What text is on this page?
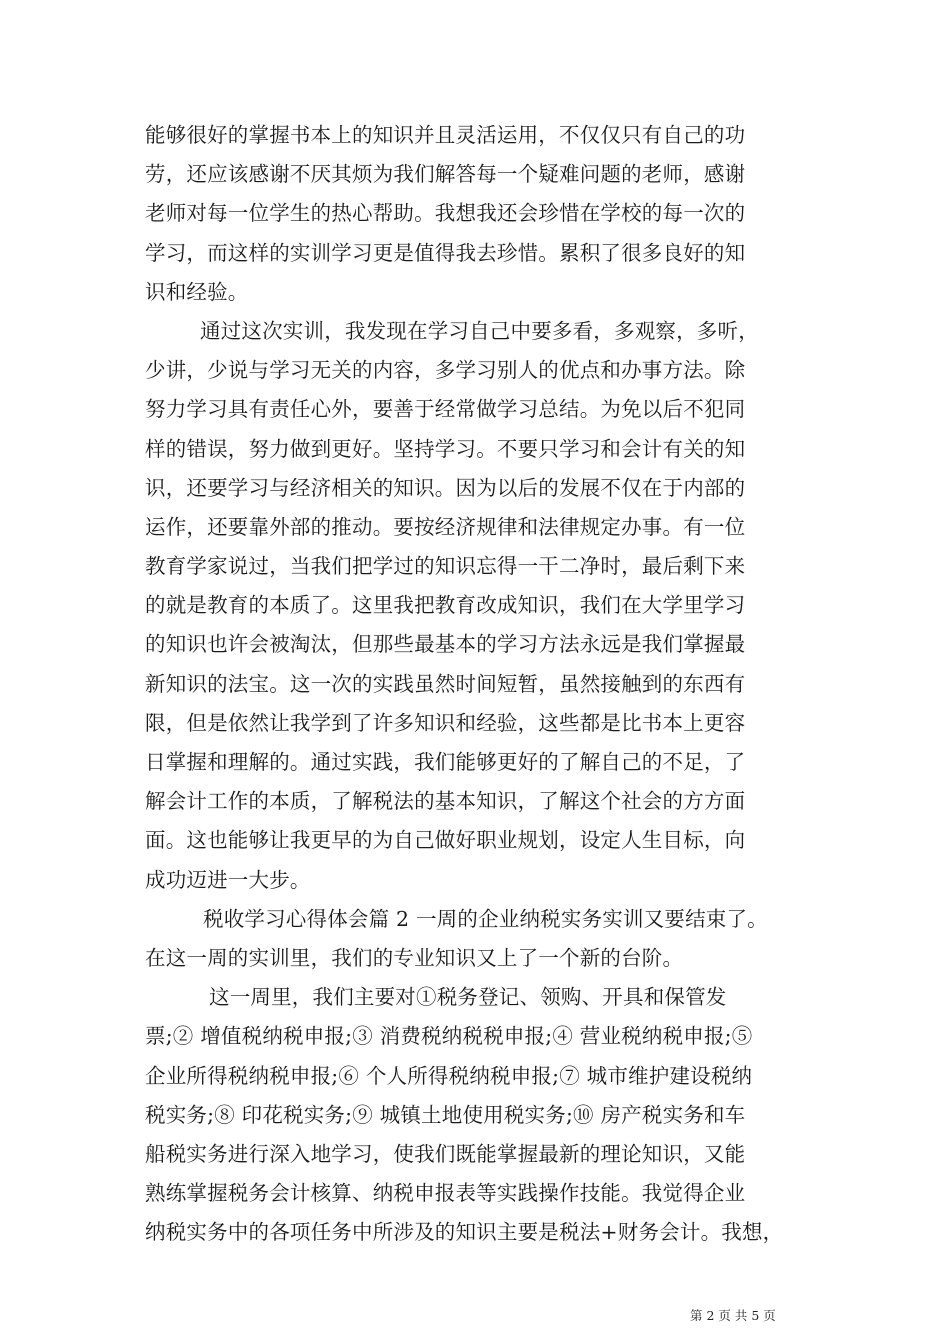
能够很好的掌握书本上的知识并且灵活运用，不仅仅只有自己的功
劳，还应该感谢不厌其烦为我们解答每一个疑难问题的老师，感谢
老师对每一位学生的热心帮助。我想我还会珍惜在学校的每一次的
学习，而这样的实训学习更是值得我去珍惜。累积了很多良好的知
识和经验。
通过这次实训，我发现在学习自己中要多看，多观察，多听，
少讲，少说与学习无关的内容，多学习别人的优点和办事方法。除
努力学习具有责任心外，要善于经常做学习总结。为免以后不犯同
样的错误，努力做到更好。坚持学习。不要只学习和会计有关的知
识，还要学习与经济相关的知识。因为以后的发展不仅在于内部的
运作，还要靠外部的推动。要按经济规律和法律规定办事。有一位
教育学家说过，当我们把学过的知识忘得一干二净时，最后剩下来
的就是教育的本质了。这里我把教育改成知识，我们在大学里学习
的知识也许会被淘汰，但那些最基本的学习方法永远是我们掌握最
新知识的法宝。这一次的实践虽然时间短暂，虽然接触到的东西有
限，但是依然让我学到了许多知识和经验，这些都是比书本上更容
日掌握和理解的。通过实践，我们能够更好的了解自己的不足，了
解会计工作的本质，了解税法的基本知识，了解这个社会的方方面
面。这也能够让我更早的为自己做好职业规划，设定人生目标，向
成功迈进一大步。
税收学习心得体会篇 2 一周的企业纳税实务实训又要结束了。
在这一周的实训里，我们的专业知识又上了一个新的台阶。
这一周里，我们主要对①税务登记、领购、开具和保管发
票;② 增值税纳税申报;③ 消费税纳税税申报;④ 营业税纳税申报;⑤
企业所得税纳税申报;⑥ 个人所得税纳税申报;⑦ 城市维护建设税纳
税实务;⑧ 印花税实务;⑨ 城镇土地使用税实务;⑩ 房产税实务和车
船税实务进行深入地学习，使我们既能掌握最新的理论知识，又能
熟练掌握税务会计核算、纳税申报表等实践操作技能。我觉得企业
纳税实务中的各项任务中所涉及的知识主要是税法+财务会计。我想，
第 2 页 共 5 页
